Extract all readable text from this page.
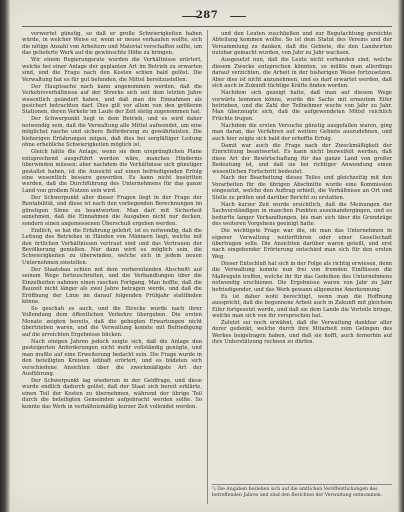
287

verwertet günstig, so daß er große Schwierigkeiten haben würde, in welcher Weise er, wenn er neues verkaufen wollte, sich die nötige Anzahl von Arbeitern und Material verschaffen sollte, um das gelieferte Werk auf die gewünschte Höhe zu bringen.

Wir einem Regierungsrate wurden die Verhältnisse erörtert, welche bei einer Anlage der geplanten Art im Betrieb zu erwarten sind, und die Frage nach den Kosten schien bald gelöst. Die Verwaltung hat es für gut befunden, die Mittel bereitzustellen.

Der Hauptsache nach kann angenommen werden, daß die Verkehrsverhältnisse auf der Strecke sich seit dem letzten Jahre wesentlich geändert haben, und daß man die Einnahmen als gesichert betrachten darf. Dies gilt vor allem von den größeren Stationen, deren Verkehr im Laufe der Zeit stetig zugenommen hat.

Der Schwerpunkt liegt in dem Betrieb, und es wird daher notwendig sein, daß die Verwaltung alle Mittel aufwendet, um eine möglichst rasche und sichere Beförderung zu gewährleisten. Die bisherigen Erfahrungen zeigen, daß dies bei sorgfältiger Leitung ohne erhebliche Schwierigkeiten möglich ist.

Gleich hätte die Anlage, wenn sie dem ursprünglichen Plane entsprechend ausgeführt worden wäre, manches Hindernis überwinden müssen; aber nachdem die Verhältnisse sich günstiger gestaltet haben, ist die Aussicht auf einen befriedigenden Erfolg eine wesentlich bessere geworden. Es kann nicht bestritten werden, daß die Durchführung des Unternehmens für das ganze Land von großem Nutzen sein wird.

Der Schwerpunkt aller dieser Fragen liegt in der Frage der Rentabilität, und diese ist nach den vorliegenden Berechnungen im günstigen Sinne zu beantworten. Man darf mit Sicherheit annehmen, daß die Einnahmen die Ausgaben nicht nur decken, sondern einen angemessenen Überschuß ergeben werden.

Endlich, so hat die Erfahrung gelehrt, ist es notwendig, daß die Leitung des Betriebes in Händen von Männern liegt, welche mit den örtlichen Verhältnissen vertraut sind und das Vertrauen der Bevölkerung genießen. Nur dann wird es möglich sein, die Schwierigkeiten zu überwinden, welche sich in jedem neuen Unternehmen einstellen.

Der Staatsbau schien mit dem vorbereitenden Abschnitt auf seinem Wege fortzuschreiten, und die Verhandlungen über die Einzelheiten nahmen einen raschen Fortgang. Man hoffte, daß die Bauzeit nicht länger als zwei Jahre betragen werde, und daß die Eröffnung der Linie im darauf folgenden Frühjahr stattfinden könne.

So geschah es auch, und die Strecke wurde nach ihrer Vollendung dem öffentlichen Verkehre übergeben. Die ersten Monate zeigten bereits, daß die gehegten Erwartungen nicht übertrieben waren, und die Verwaltung konnte mit Befriedigung auf die erreichten Ergebnisse blicken.

Nach einigen Jahren jedoch zeigte sich, daß die Anlage den gesteigerten Anforderungen nicht mehr vollständig genügte, und man mußte auf eine Erweiterung bedacht sein. Die Frage wurde in den beteiligten Kreisen lebhaft erörtert, und es bildeten sich verschiedene Ansichten über die zweckmäßigste Art der Ausführung.

Der Schwerpunkt lag wiederum in der Geldfrage, und diese wurde endlich dadurch gelöst, daß der Staat sich bereit erklärte, einen Teil der Kosten zu übernehmen, während der übrige Teil durch die beteiligten Gemeinden aufgebracht werden sollte. So konnte das Werk in verhältnismäßig kurzer Zeit vollendet werden.

und den Leuten zuschließen und zur Begutachtung gereichte Abteilung kommen wollte. So ist dem Statut des Vereins und der Versammlung zu danken, daß die Gebiete, die den Landwirten nutzbar gemacht wurden, von Jahr zu Jahr wachsen.

Ausgesetzt nun, daß die Leute nicht vorhanden sind, welche diesem Zwecke entsprechen könnten, so müßte man allerdings darauf verzichten, die Arbeit in der bisherigen Weise fortzusetzen. Aber dies ist nicht anzunehmen, und es darf erwartet werden, daß sich auch in Zukunft tüchtige Kräfte finden werden.

Nachdem sich gezeigt hatte, daß man auf diesem Wege vorwärts kommen könne, wurde die Sache mit erneutem Eifer betrieben, und die Zahl der Teilnehmer wuchs von Jahr zu Jahr. Man überzeugte sich, daß die aufgewendeten Mittel reichlich Früchte trugen.

Nachdem die ersten Versuche günstig ausgefallen waren, ging man daran, das Verfahren auf weitere Gebiete auszudehnen, und auch hier zeigte sich bald der erhoffte Erfolg.

Damit war auch die Frage nach der Zweckmäßigkeit der Einrichtung beantwortet. Es kann nicht bezweifelt werden, daß diese Art der Bewirtschaftung für das ganze Land von großer Bedeutung ist, und daß sie bei richtiger Anwendung einen wesentlichen Fortschritt bedeutet.

Nach der Bearbeitung dieses Teiles und gleichzeitig mit den Vorarbeiten für die übrigen Abschnitte wurde eine Kommission eingesetzt, welche den Auftrag erhielt, die Verhältnisse an Ort und Stelle zu prüfen und darüber Bericht zu erstatten.

Nach kurzer Zeit wurde ersichtlich, daß die Meinungen der Sachverständigen in manchen Punkten auseinandergingen, und es bedurfte langer Verhandlungen, bis man sich über die Grundzüge des weiteren Vorgehens geeinigt hatte.

Die wichtigste Frage war die, ob man das Unternehmen in eigener Verwaltung weiterführen oder einer Gesellschaft übertragen solle. Die Ansichten darüber waren geteilt, und erst nach eingehender Erörterung entschied man sich für den ersten Weg.

Dieser Entschluß hat sich in der Folge als richtig erwiesen, denn die Verwaltung konnte nun frei von fremden Einflüssen die Maßregeln treffen, welche ihr für das Gedeihen des Unternehmens notwendig erschienen. Die Ergebnisse waren von Jahr zu Jahr befriedigender, und das Werk gewann allgemeine Anerkennung.

Es ist daher wohl berechtigt, wenn man die Hoffnung ausspricht, daß die begonnene Arbeit auch in Zukunft mit gleichem Eifer fortgesetzt werde, und daß sie dem Lande die Vorteile bringe, welche man sich von ihr versprochen hat.

Zuletzt sei noch erwähnt, daß die Verwaltung dankbar aller derer gedenkt, welche durch ihre Mitarbeit zum Gelingen des Werkes beigetragen haben, und daß sie hofft, auch fernerhin auf ihre Unterstützung rechnen zu dürfen.

¹) Die Angaben beziehen sich auf die amtlichen Veröffentlichungen des betreffenden Jahres und sind den Berichten der Verwaltung entnommen.
